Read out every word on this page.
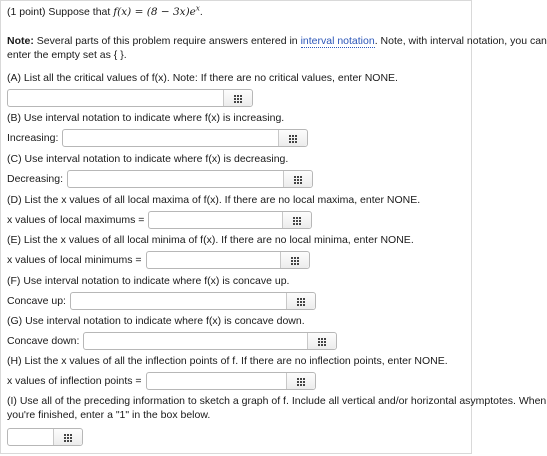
(1 point) Suppose that $f(x) = (8 - 3x)e^x$.

Note: Several parts of this problem require answers entered in interval notation. Note, with interval notation, you can
enter the empty set as { }.
(A) List all the critical values of f(x). Note: If there are no critical values, enter NONE.
(B) Use interval notation to indicate where f(x) is increasing.
Increasing:
(C) Use interval notation to indicate where f(x) is decreasing.
Decreasing:
(D) List the x values of all local maxima of f(x). If there are no local maxima, enter NONE.
x values of local maximums =
(E) List the x values of all local minima of f(x). If there are no local minima, enter NONE.
x values of local minimums =
(F) Use interval notation to indicate where f(x) is concave up.
Concave up:
(G) Use interval notation to indicate where f(x) is concave down.
Concave down:
(H) List the x values of all the inflection points of f. If there are no inflection points, enter NONE.
x values of inflection points =
(I) Use all of the preceding information to sketch a graph of f. Include all vertical and/or horizontal asymptotes. When
you're finished, enter a "1" in the box below.
